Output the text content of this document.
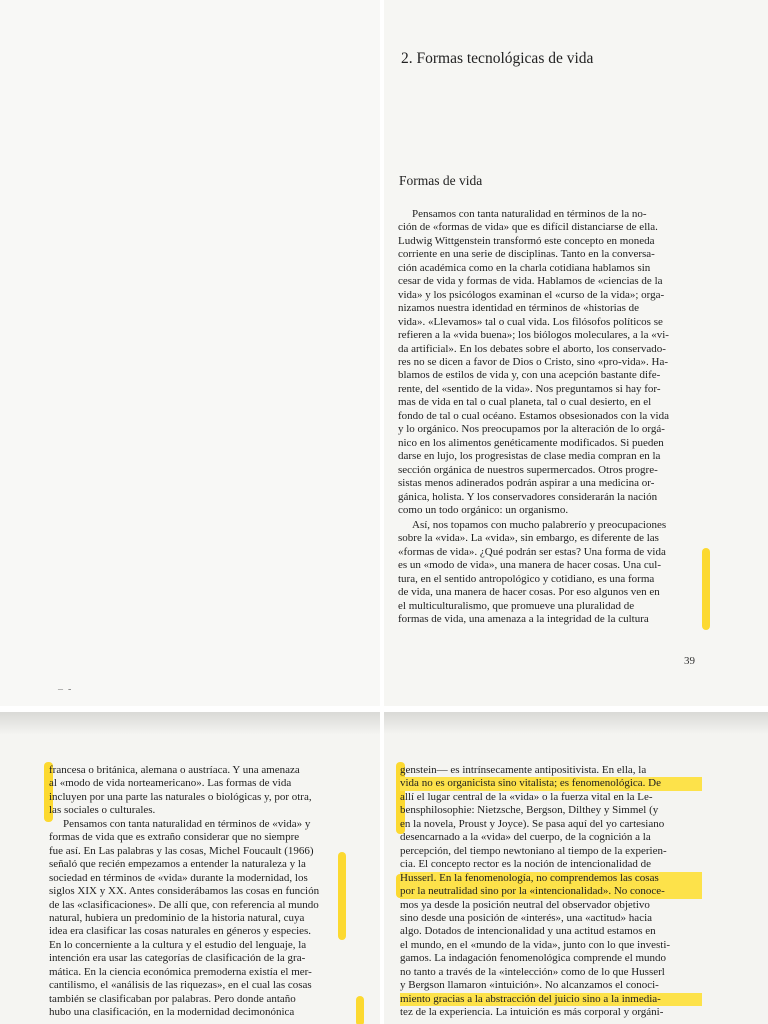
–  -
2. Formas tecnológicas de vida
Formas de vida
Pensamos con tanta naturalidad en términos de la no-
ción de «formas de vida» que es difícil distanciarse de ella.
Ludwig Wittgenstein transformó este concepto en moneda
corriente en una serie de disciplinas. Tanto en la conversa-
ción académica como en la charla cotidiana hablamos sin
cesar de vida y formas de vida. Hablamos de «ciencias de la
vida» y los psicólogos examinan el «curso de la vida»; orga-
nizamos nuestra identidad en términos de «historias de
vida». «Llevamos» tal o cual vida. Los filósofos políticos se
refieren a la «vida buena»; los biólogos moleculares, a la «vi-
da artificial». En los debates sobre el aborto, los conservado-
res no se dicen a favor de Dios o Cristo, sino «pro-vida». Ha-
blamos de estilos de vida y, con una acepción bastante dife-
rente, del «sentido de la vida». Nos preguntamos si hay for-
mas de vida en tal o cual planeta, tal o cual desierto, en el
fondo de tal o cual océano. Estamos obsesionados con la vida
y lo orgánico. Nos preocupamos por la alteración de lo orgá-
nico en los alimentos genéticamente modificados. Si pueden
darse en lujo, los progresistas de clase media compran en la
sección orgánica de nuestros supermercados. Otros progre-
sistas menos adinerados podrán aspirar a una medicina or-
gánica, holista. Y los conservadores considerarán la nación
como un todo orgánico: un organismo.
Así, nos topamos con mucho palabrerío y preocupaciones
sobre la «vida». La «vida», sin embargo, es diferente de las
«formas de vida». ¿Qué podrán ser estas? Una forma de vida
es un «modo de vida», una manera de hacer cosas. Una cul-
tura, en el sentido antropológico y cotidiano, es una forma
de vida, una manera de hacer cosas. Por eso algunos ven en
el multiculturalismo, que promueve una pluralidad de
formas de vida, una amenaza a la integridad de la cultura
39
francesa o británica, alemana o austríaca. Y una amenaza
al «modo de vida norteamericano». Las formas de vida
incluyen por una parte las naturales o biológicas y, por otra,
las sociales o culturales.
Pensamos con tanta naturalidad en términos de «vida» y
formas de vida que es extraño considerar que no siempre
fue así. En Las palabras y las cosas, Michel Foucault (1966)
señaló que recién empezamos a entender la naturaleza y la
sociedad en términos de «vida» durante la modernidad, los
siglos XIX y XX. Antes considerábamos las cosas en función
de las «clasificaciones». De allí que, con referencia al mundo
natural, hubiera un predominio de la historia natural, cuya
idea era clasificar las cosas naturales en géneros y especies.
En lo concerniente a la cultura y el estudio del lenguaje, la
intención era usar las categorías de clasificación de la gra-
mática. En la ciencia económica premoderna existía el mer-
cantilismo, el «análisis de las riquezas», en el cual las cosas
también se clasificaban por palabras. Pero donde antaño
hubo una clasificación, en la modernidad decimonónica
genstein— es intrínsecamente antipositivista. En ella, la
vida no es organicista sino vitalista; es fenomenológica. De
allí el lugar central de la «vida» o la fuerza vital en la Le-
bensphilosophie: Nietzsche, Bergson, Dilthey y Simmel (y
en la novela, Proust y Joyce). Se pasa aquí del yo cartesiano
desencarnado a la «vida» del cuerpo, de la cognición a la
percepción, del tiempo newtoniano al tiempo de la experien-
cia. El concepto rector es la noción de intencionalidad de
Husserl. En la fenomenología, no comprendemos las cosas
por la neutralidad sino por la «intencionalidad». No conoce-
mos ya desde la posición neutral del observador objetivo
sino desde una posición de «interés», una «actitud» hacia
algo. Dotados de intencionalidad y una actitud estamos en
el mundo, en el «mundo de la vida», junto con lo que investi-
gamos. La indagación fenomenológica comprende el mundo
no tanto a través de la «intelección» como de lo que Husserl
y Bergson llamaron «intuición». No alcanzamos el conoci-
miento gracias a la abstracción del juicio sino a la inmedia-
tez de la experiencia. La intuición es más corporal y orgáni-
